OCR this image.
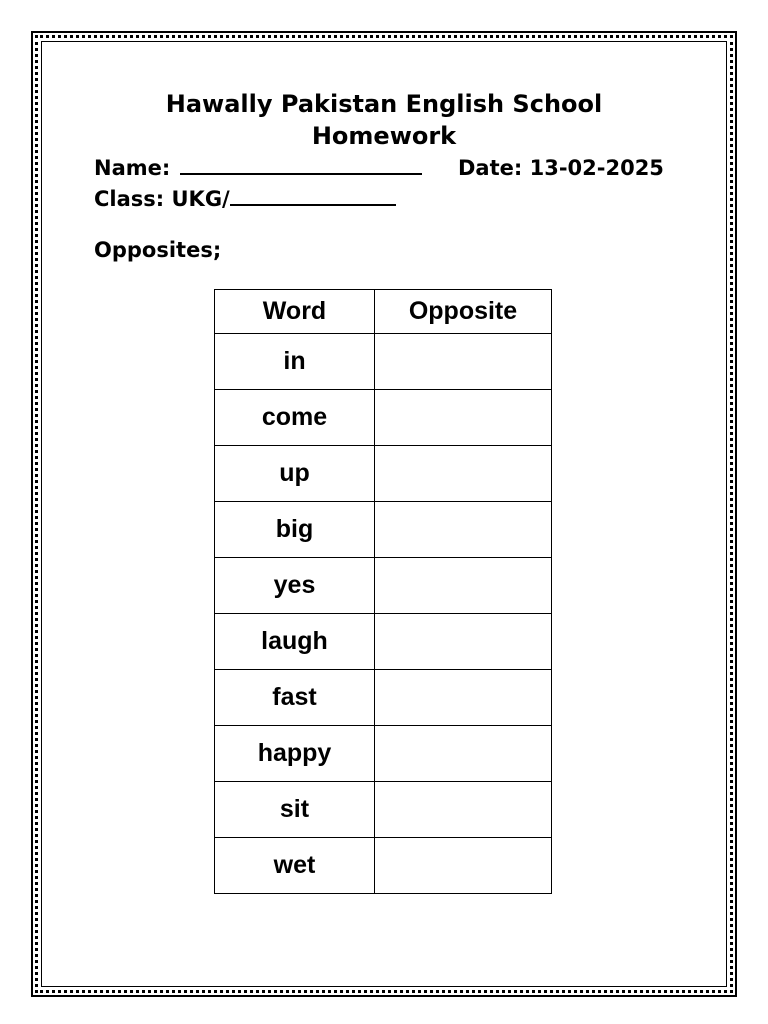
Hawally Pakistan English School
Homework
Name:	Date: 13-02-2025
Class: UKG/
Opposites;
Word	Opposite
in	
come	
up	
big	
yes	
laugh	
fast	
happy	
sit	
wet	
